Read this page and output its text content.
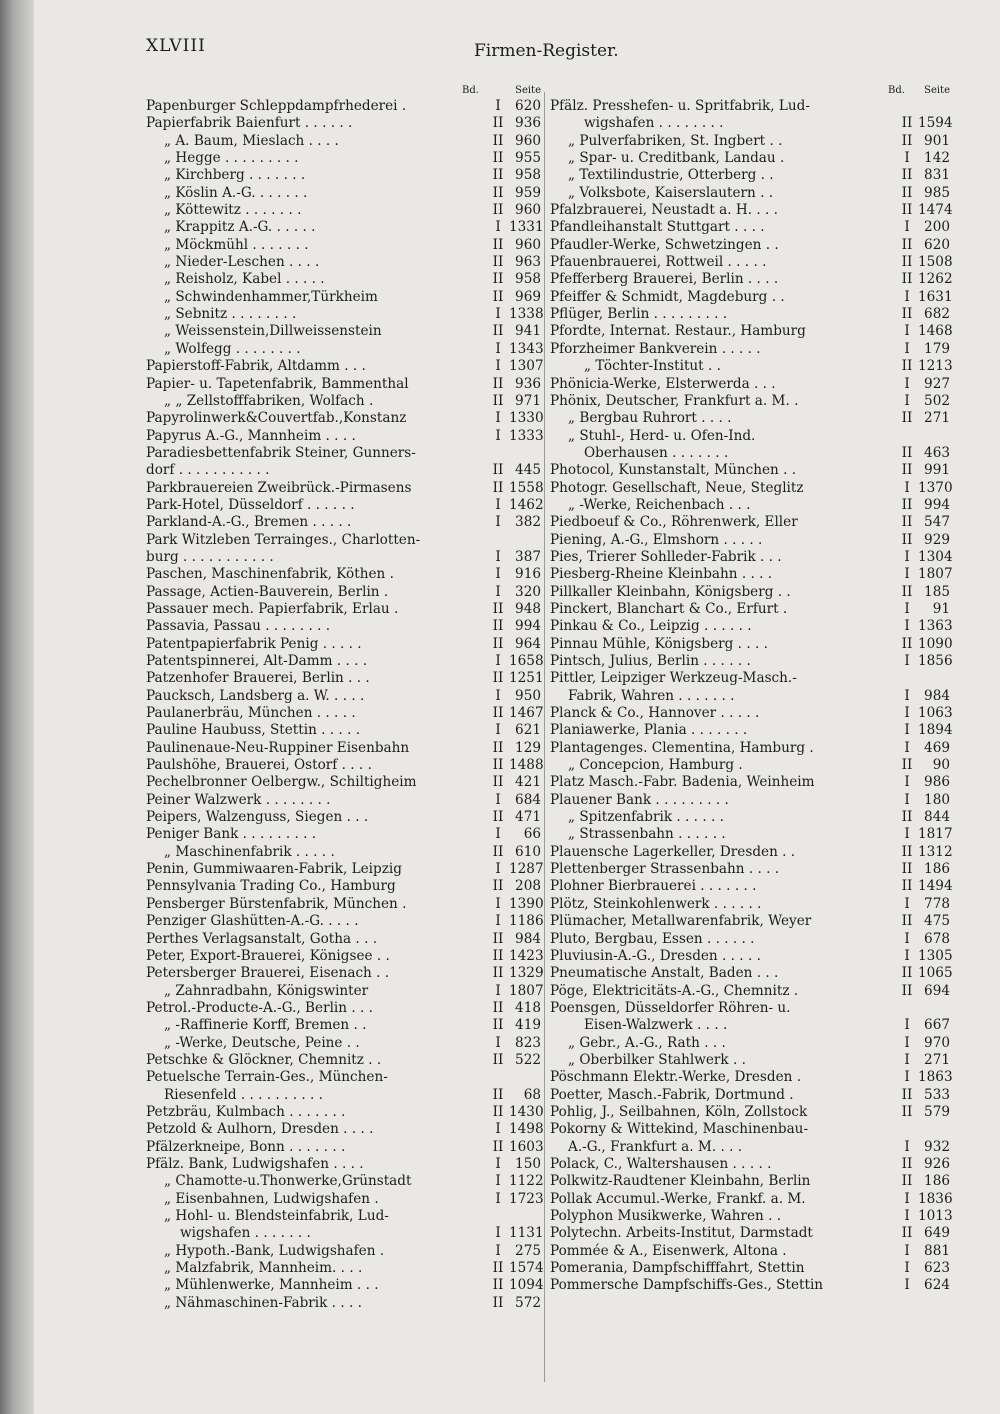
XLVIII	Firmen-Register.
Bd.	Seite
Papenburger Schleppdampfrhederei .	I	620
Papierfabrik Baienfurt . . . . . .	II 936
„ A. Baum, Mieslach . . . .	II 960
„ Hegge . . . . . . . . .	II 955
„ Kirchberg . . . . . . .	II 958
„ Köslin A.-G. . . . . . .	II 959
„ Köttewitz . . . . . . .	II 960
„ Krappitz A.-G. . . . . .	I 1331
„ Möckmühl . . . . . . .	II 960
„ Nieder-Leschen . . . .	II 963
„ Reisholz, Kabel . . . . .	II 958
„ Schwindenhammer,Türkheim	II 969
„ Sebnitz . . . . . . . .	I 1338
„ Weissenstein,Dillweissenstein	II 941
„ Wolfegg . . . . . . . .	I 1343
Papierstoff-Fabrik, Altdamm . . .	I 1307
Papier- u. Tapetenfabrik, Bammenthal	II 936
„ „ Zellstofffabriken, Wolfach .	II 971
Papyrolinwerk&Couvertfab.,Konstanz	I 1330
Papyrus A.-G., Mannheim . . . .	I 1333
Paradiesbettenfabrik Steiner, Gunners-
dorf . . . . . . . . . . .	II 445
Parkbrauereien Zweibrück.-Pirmasens	II 1558
Park-Hotel, Düsseldorf . . . . . .	I 1462
Parkland-A.-G., Bremen . . . . .	I	382
Park Witzleben Terrainges., Charlotten-
burg . . . . . . . . . . .	I	387
Paschen, Maschinenfabrik, Köthen .	I	916
Passage, Actien-Bauverein, Berlin .	I	320
Passauer mech. Papierfabrik, Erlau .	II 948
Passavia, Passau . . . . . . . .	II 994
Patentpapierfabrik Penig . . . . .	II 964
Patentspinnerei, Alt-Damm . . . .	I 1658
Patzenhofer Brauerei, Berlin . . .	II 1251
Paucksch, Landsberg a. W. . . . .	I	950
Paulanerbräu, München . . . . .	II 1467
Pauline Haubuss, Stettin . . . . .	I	621
Paulinenaue-Neu-Ruppiner Eisenbahn	II 129
Paulshöhe, Brauerei, Ostorf . . . .	II 1488
Pechelbronner Oelbergw., Schiltigheim	II 421
Peiner Walzwerk . . . . . . . .	I	684
Peipers, Walzenguss, Siegen . . .	II 471
Peniger Bank . . . . . . . . .	I	66
„ Maschinenfabrik . . . . .	II 610
Penin, Gummiwaaren-Fabrik, Leipzig	I 1287
Pennsylvania Trading Co., Hamburg	II 208
Pensberger Bürstenfabrik, München .	I 1390
Penziger Glashütten-A.-G. . . . .	I 1186
Perthes Verlagsanstalt, Gotha . . .	II 984
Peter, Export-Brauerei, Königsee . .	II 1423
Petersberger Brauerei, Eisenach . .	II 1329
„ Zahnradbahn, Königswinter	I 1807
Petrol.-Producte-A.-G., Berlin . . .	II 418
„ -Raffinerie Korff, Bremen . .	II 419
„ -Werke, Deutsche, Peine . .	I	823
Petschke & Glöckner, Chemnitz . .	II 522
Petuelsche Terrain-Ges., München-
Riesenfeld . . . . . . . . . .	II	68
Petzbräu, Kulmbach . . . . . . .	II 1430
Petzold & Aulhorn, Dresden . . . .	I 1498
Pfälzerkneipe, Bonn . . . . . . .	II 1603
Pfälz. Bank, Ludwigshafen . . . .	I	150
„ Chamotte-u.Thonwerke,Grünstadt	I 1122
„ Eisenbahnen, Ludwigshafen .	I 1723
„ Hohl- u. Blendsteinfabrik, Lud-
wigshafen . . . . . . .	I 1131
„ Hypoth.-Bank, Ludwigshafen .	I	275
„ Malzfabrik, Mannheim. . . .	II 1574
„ Mühlenwerke, Mannheim . . .	II 1094
„ Nähmaschinen-Fabrik . . . .	II 572
Bd. Seite
Pfälz. Presshefen- u. Spritfabrik, Lud-
wigshafen . . . . . . . .	II 1594
„ Pulverfabriken, St. Ingbert . .	II 901
„ Spar- u. Creditbank, Landau .	I	142
„ Textilindustrie, Otterberg . .	II 831
„ Volksbote, Kaiserslautern . .	II 985
Pfalzbrauerei, Neustadt a. H. . . .	II 1474
Pfandleihanstalt Stuttgart . . . .	I	200
Pfaudler-Werke, Schwetzingen . .	II 620
Pfauenbrauerei, Rottweil . . . . .	II 1508
Pfefferberg Brauerei, Berlin . . . .	II 1262
Pfeiffer & Schmidt, Magdeburg . .	I 1631
Pflüger, Berlin . . . . . . . . .	II 682
Pfordte, Internat. Restaur., Hamburg	I 1468
Pforzheimer Bankverein . . . . .	I	179
„ Töchter-Institut . .	II 1213
Phönicia-Werke, Elsterwerda . . .	I	927
Phönix, Deutscher, Frankfurt a. M. .	I	502
„ Bergbau Ruhrort . . . .	II 271
„ Stuhl-, Herd- u. Ofen-Ind.
Oberhausen . . . . . . .	II 463
Photocol, Kunstanstalt, München . .	II 991
Photogr. Gesellschaft, Neue, Steglitz	I 1370
„ -Werke, Reichenbach . . .	II 994
Piedboeuf & Co., Röhrenwerk, Eller	II 547
Piening, A.-G., Elmshorn . . . . .	II 929
Pies, Trierer Sohlleder-Fabrik . . .	I 1304
Piesberg-Rheine Kleinbahn . . . .	I 1807
Pillkaller Kleinbahn, Königsberg . .	II 185
Pinckert, Blanchart & Co., Erfurt .	I	91
Pinkau & Co., Leipzig . . . . . .	I 1363
Pinnau Mühle, Königsberg . . . .	II 1090
Pintsch, Julius, Berlin . . . . . .	I 1856
Pittler, Leipziger Werkzeug-Masch.-
Fabrik, Wahren . . . . . . .	I	984
Planck & Co., Hannover . . . . .	I 1063
Planiawerke, Plania . . . . . . .	I 1894
Plantagenges. Clementina, Hamburg .	I	469
„ Concepcion, Hamburg .	II	90
Platz Masch.-Fabr. Badenia, Weinheim	I	986
Plauener Bank . . . . . . . . .	I	180
„ Spitzenfabrik . . . . . .	II 844
„ Strassenbahn . . . . . .	I 1817
Plauensche Lagerkeller, Dresden . .	II 1312
Plettenberger Strassenbahn . . . .	II 186
Plohner Bierbrauerei . . . . . . .	II 1494
Plötz, Steinkohlenwerk . . . . . .	I	778
Plümacher, Metallwarenfabrik, Weyer	II 475
Pluto, Bergbau, Essen . . . . . .	I	678
Pluviusin-A.-G., Dresden . . . . .	I 1305
Pneumatische Anstalt, Baden . . .	II 1065
Pöge, Elektricitäts-A.-G., Chemnitz .	II 694
Poensgen, Düsseldorfer Röhren- u.
Eisen-Walzwerk . . . .	I	667
„ Gebr., A.-G., Rath . . .	I	970
„ Oberbilker Stahlwerk . .	I	271
Pöschmann Elektr.-Werke, Dresden .	I 1863
Poetter, Masch.-Fabrik, Dortmund .	II 533
Pohlig, J., Seilbahnen, Köln, Zollstock	II 579
Pokorny & Wittekind, Maschinenbau-
A.-G., Frankfurt a. M. . . .	I	932
Polack, C., Waltershausen . . . . .	II 926
Polkwitz-Raudtener Kleinbahn, Berlin	II 186
Pollak Accumul.-Werke, Frankf. a. M.	I 1836
Polyphon Musikwerke, Wahren . .	I 1013
Polytechn. Arbeits-Institut, Darmstadt	II 649
Pommée & A., Eisenwerk, Altona .	I	881
Pomerania, Dampfschifffahrt, Stettin	I	623
Pommersche Dampfschiffs-Ges., Stettin	I	624
